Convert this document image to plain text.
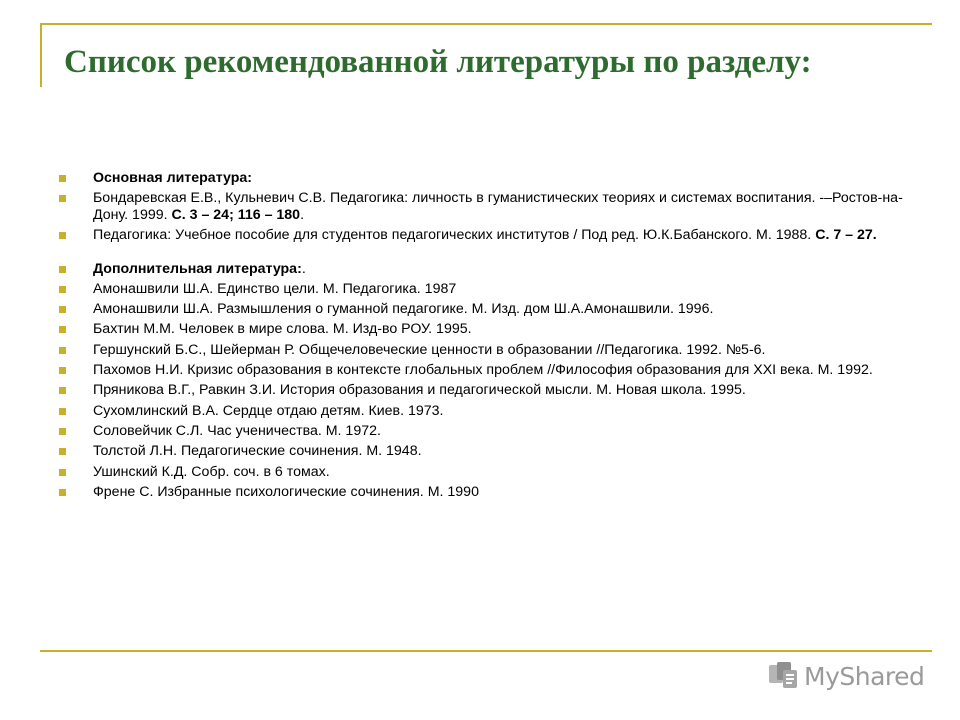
Список рекомендованной литературы по разделу:
Основная литература:
Бондаревская Е.В., Кульневич С.В. Педагогика: личность в гуманистических теориях и системах воспитания. -–Ростов-на-Дону. 1999. С. 3 – 24; 116 – 180.
Педагогика: Учебное пособие для студентов педагогических институтов / Под ред. Ю.К.Бабанского. М. 1988. С. 7 – 27.
Дополнительная литература:.
Амонашвили Ш.А. Единство цели. М. Педагогика. 1987
Амонашвили Ш.А. Размышления о гуманной педагогике. М. Изд. дом Ш.А.Амонашвили. 1996.
Бахтин М.М. Человек в мире слова. М. Изд-во РОУ. 1995.
Гершунский Б.С., Шейерман Р. Общечеловеческие ценности в образовании //Педагогика. 1992. №5-6.
Пахомов Н.И. Кризис образования в контексте глобальных проблем //Философия образования для XXI века. М. 1992.
Пряникова В.Г., Равкин З.И. История образования и педагогической мысли. М. Новая школа. 1995.
Сухомлинский В.А. Сердце отдаю детям. Киев. 1973.
Соловейчик С.Л. Час ученичества. М. 1972.
Толстой Л.Н. Педагогические сочинения. М. 1948.
Ушинский К.Д. Собр. соч. в 6 томах.
Френе С. Избранные психологические сочинения. М. 1990
MyShared
